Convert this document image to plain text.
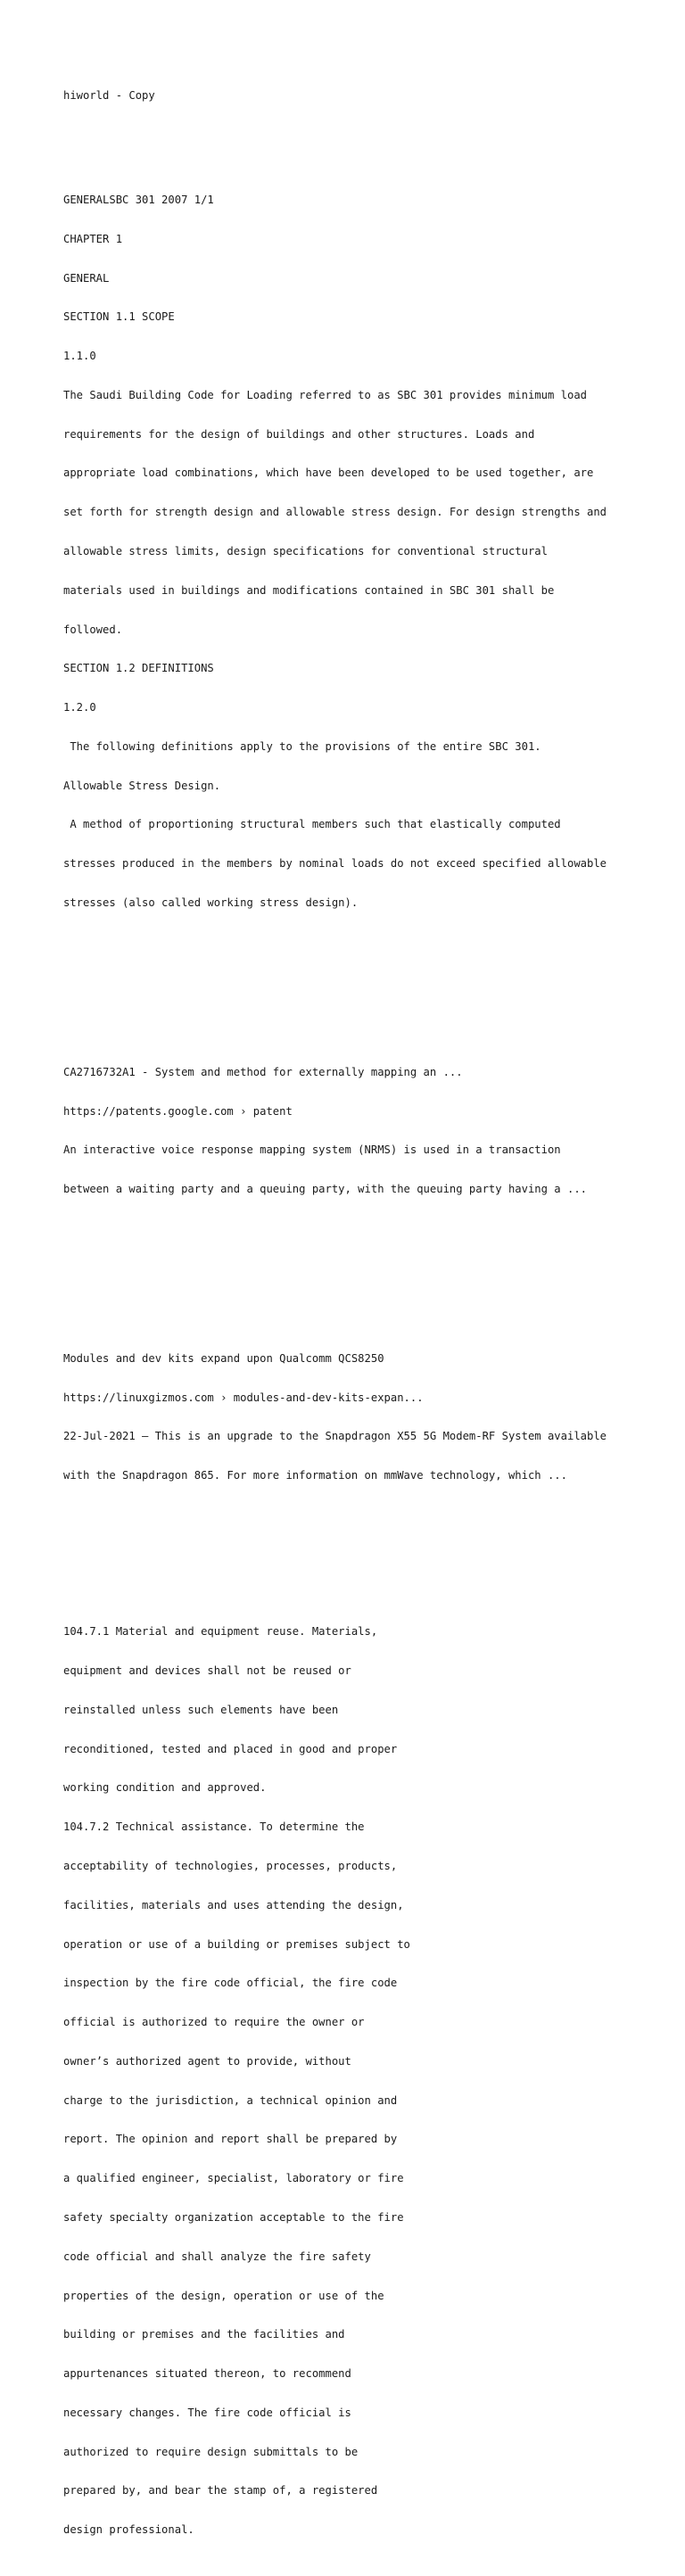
hiworld - Copy

GENERALSBC 301 2007 1/1

CHAPTER 1

GENERAL

SECTION 1.1 SCOPE

1.1.0

The Saudi Building Code for Loading referred to as SBC 301 provides minimum load

requirements for the design of buildings and other structures. Loads and

appropriate load combinations, which have been developed to be used together, are

set forth for strength design and allowable stress design. For design strengths and

allowable stress limits, design specifications for conventional structural

materials used in buildings and modifications contained in SBC 301 shall be

followed.

SECTION 1.2 DEFINITIONS

1.2.0

The following definitions apply to the provisions of the entire SBC 301.

Allowable Stress Design.

A method of proportioning structural members such that elastically computed

stresses produced in the members by nominal loads do not exceed specified allowable

stresses (also called working stress design).

CA2716732A1 - System and method for externally mapping an ...

https://patents.google.com › patent

An interactive voice response mapping system (NRMS) is used in a transaction

between a waiting party and a queuing party, with the queuing party having a ...

Modules and dev kits expand upon Qualcomm QCS8250

https://linuxgizmos.com › modules-and-dev-kits-expan...

22-Jul-2021 — This is an upgrade to the Snapdragon X55 5G Modem-RF System available

with the Snapdragon 865. For more information on mmWave technology, which ...

104.7.1 Material and equipment reuse. Materials,

equipment and devices shall not be reused or

reinstalled unless such elements have been

reconditioned, tested and placed in good and proper

working condition and approved.

104.7.2 Technical assistance. To determine the

acceptability of technologies, processes, products,

facilities, materials and uses attending the design,

operation or use of a building or premises subject to

inspection by the fire code official, the fire code

official is authorized to require the owner or

owner’s authorized agent to provide, without

charge to the jurisdiction, a technical opinion and

report. The opinion and report shall be prepared by

a qualified engineer, specialist, laboratory or fire

safety specialty organization acceptable to the fire

code official and shall analyze the fire safety

properties of the design, operation or use of the

building or premises and the facilities and

appurtenances situated thereon, to recommend

necessary changes. The fire code official is

authorized to require design submittals to be

prepared by, and bear the stamp of, a registered

design professional.
